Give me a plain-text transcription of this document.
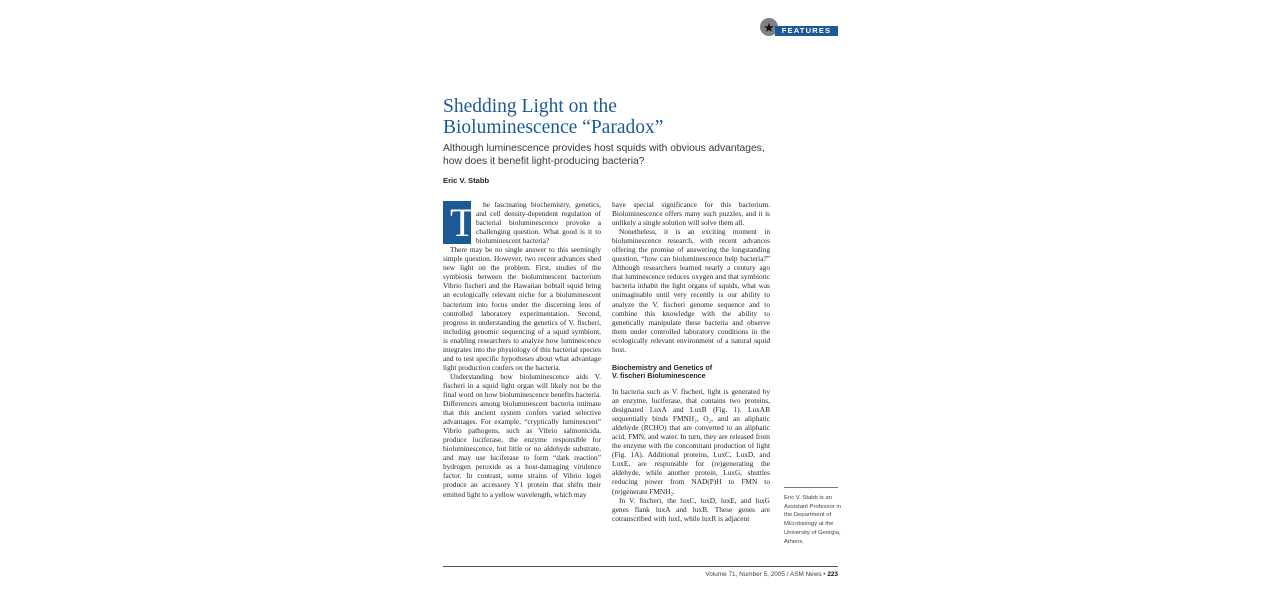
★ FEATURES
Shedding Light on the
Bioluminescence “Paradox”
Although luminescence provides host squids with obvious advantages, how does it benefit light-producing bacteria?
Eric V. Stabb

T he fascinating biochemistry, genetics, and cell density-dependent regulation of bacterial bioluminescence provoke a challenging question. What good is it to bioluminescent bacteria?

There may be no single answer to this seemingly simple question. However, two recent advances shed new light on the problem. First, studies of the symbiosis between the bioluminescent bacterium Vibrio fischeri and the Hawaiian bobtail squid bring an ecologically relevant niche for a bioluminescent bacterium into focus under the discerning lens of controlled laboratory experimentation. Second, progress in understanding the genetics of V. fischeri, including genomic sequencing of a squid symbiont, is enabling researchers to analyze how luminescence integrates into the physiology of this bacterial species and to test specific hypotheses about what advantage light production confers on the bacteria.

Understanding how bioluminescence aids V. fischeri in a squid light organ will likely not be the final word on how bioluminescence benefits bacteria. Differences among bioluminescent bacteria intimate that this ancient system confers varied selective advantages. For example, “cryptically luminescent” Vibrio pathogens, such as Vibrio salmonicida, produce luciferase, the enzyme responsible for bioluminescence, but little or no aldehyde substrate, and may use luciferase to form “dark reaction” hydrogen peroxide as a host-damaging virulence factor. In contrast, some strains of Vibrio logei produce an accessory Y1 protein that shifts their emitted light to a yellow wavelength, which may

have special significance for this bacterium. Bioluminescence offers many such puzzles, and it is unlikely a single solution will solve them all.

Nonetheless, it is an exciting moment in bioluminescence research, with recent advances offering the promise of answering the longstanding question, “how can bioluminescence help bacteria?” Although researchers learned nearly a century ago that luminescence reduces oxygen and that symbiotic bacteria inhabit the light organs of squids, what was unimaginable until very recently is our ability to analyze the V. fischeri genome sequence and to combine this knowledge with the ability to genetically manipulate these bacteria and observe them under controlled laboratory conditions in the ecologically relevant environment of a natural squid host.

Biochemistry and Genetics of
V. fischeri Bioluminescence

In bacteria such as V. fischeri, light is generated by an enzyme, luciferase, that contains two proteins, designated LuxA and LuxB (Fig. 1). LuxAB sequentially binds FMNH₂, O₂, and an aliphatic aldehyde (RCHO) that are converted to an aliphatic acid, FMN, and water. In turn, they are released from the enzyme with the concomitant production of light (Fig. 1A). Additional proteins, LuxC, LuxD, and LuxE, are responsible for (re)generating the aldehyde, while another protein, LuxG, shuttles reducing power from NAD(P)H to FMN to (re)generate FMNH₂.

In V. fischeri, the luxC, luxD, luxE, and luxG genes flank luxA and luxB. These genes are cotranscribed with luxI, while luxR is adjacent

Eric V. Stabb is an Assistant Professor in the Department of Microbiology at the University of Georgia, Athens.
Volume 71, Number 5, 2005 / ASM News • 223
